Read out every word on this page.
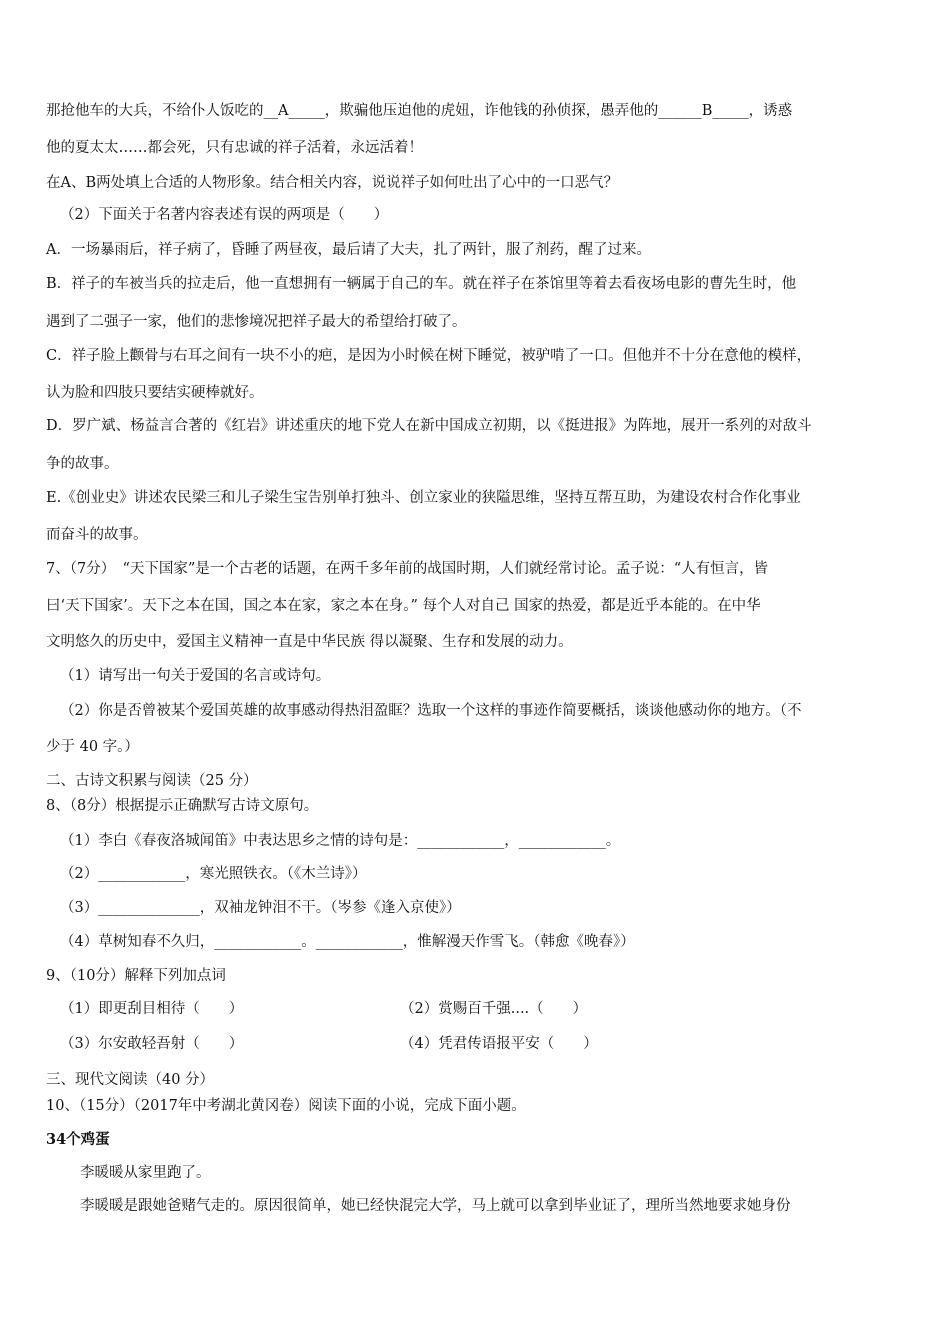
那抢他车的大兵，不给仆人饭吃的__A_____，欺骗他压迫他的虎妞，诈他钱的孙侦探，愚弄他的______B_____，诱惑
他的夏太太……都会死，只有忠诚的祥子活着，永远活着！
在A、B两处填上合适的人物形象。结合相关内容，说说祥子如何吐出了心中的一口恶气？
（2）下面关于名著内容表述有误的两项是（　　）
A．一场暴雨后，祥子病了，昏睡了两昼夜，最后请了大夫，扎了两针，服了剂药，醒了过来。
B．祥子的车被当兵的拉走后，他一直想拥有一辆属于自己的车。就在祥子在茶馆里等着去看夜场电影的曹先生时，他
遇到了二强子一家，他们的悲惨境况把祥子最大的希望给打破了。
C．祥子脸上颧骨与右耳之间有一块不小的疤，是因为小时候在树下睡觉，被驴啃了一口。但他并不十分在意他的模样，
认为脸和四肢只要结实硬棒就好。
D．罗广斌、杨益言合著的《红岩》讲述重庆的地下党人在新中国成立初期，以《挺进报》为阵地，展开一系列的对敌斗
争的故事。
E.《创业史》讲述农民梁三和儿子梁生宝告别单打独斗、创立家业的狭隘思维，坚持互帮互助，为建设农村合作化事业
而奋斗的故事。
7、（7分）　“天下国家”是一个古老的话题，在两千多年前的战国时期，人们就经常讨论。孟子说：“人有恒言，皆
曰‘天下国家’。天下之本在国，国之本在家，家之本在身。” 每个人对自己 国家的热爱，都是近乎本能的。在中华
文明悠久的历史中，爱国主义精神一直是中华民族 得以凝聚、生存和发展的动力。
（1）请写出一句关于爱国的名言或诗句。
（2）你是否曾被某个爱国英雄的故事感动得热泪盈眶？选取一个这样的事迹作简要概括，谈谈他感动你的地方。（不
少于 40 字。）
二、古诗文积累与阅读（25 分）
8、（8分）根据提示正确默写古诗文原句。
（1）李白《春夜洛城闻笛》中表达思乡之情的诗句是：____________，____________。
（2）____________，寒光照铁衣。（《木兰诗》）
（3）______________，双袖龙钟泪不干。（岑参《逢入京使》）
（4）草树知春不久归，____________。____________，惟解漫天作雪飞。（韩愈《晚春》）
9、（10分）解释下列加点词
（1）即更刮目相待（　　）	（2）赏赐百千强....（　　）
（3）尔安敢轻吾射（　　）	（4）凭君传语报平安（　　）
三、现代文阅读（40 分）
10、（15分）（2017年中考湖北黄冈卷）阅读下面的小说，完成下面小题。
34个鸡蛋
李暖暖从家里跑了。
李暖暖是跟她爸赌气走的。原因很简单，她已经快混完大学，马上就可以拿到毕业证了，理所当然地要求她身份
